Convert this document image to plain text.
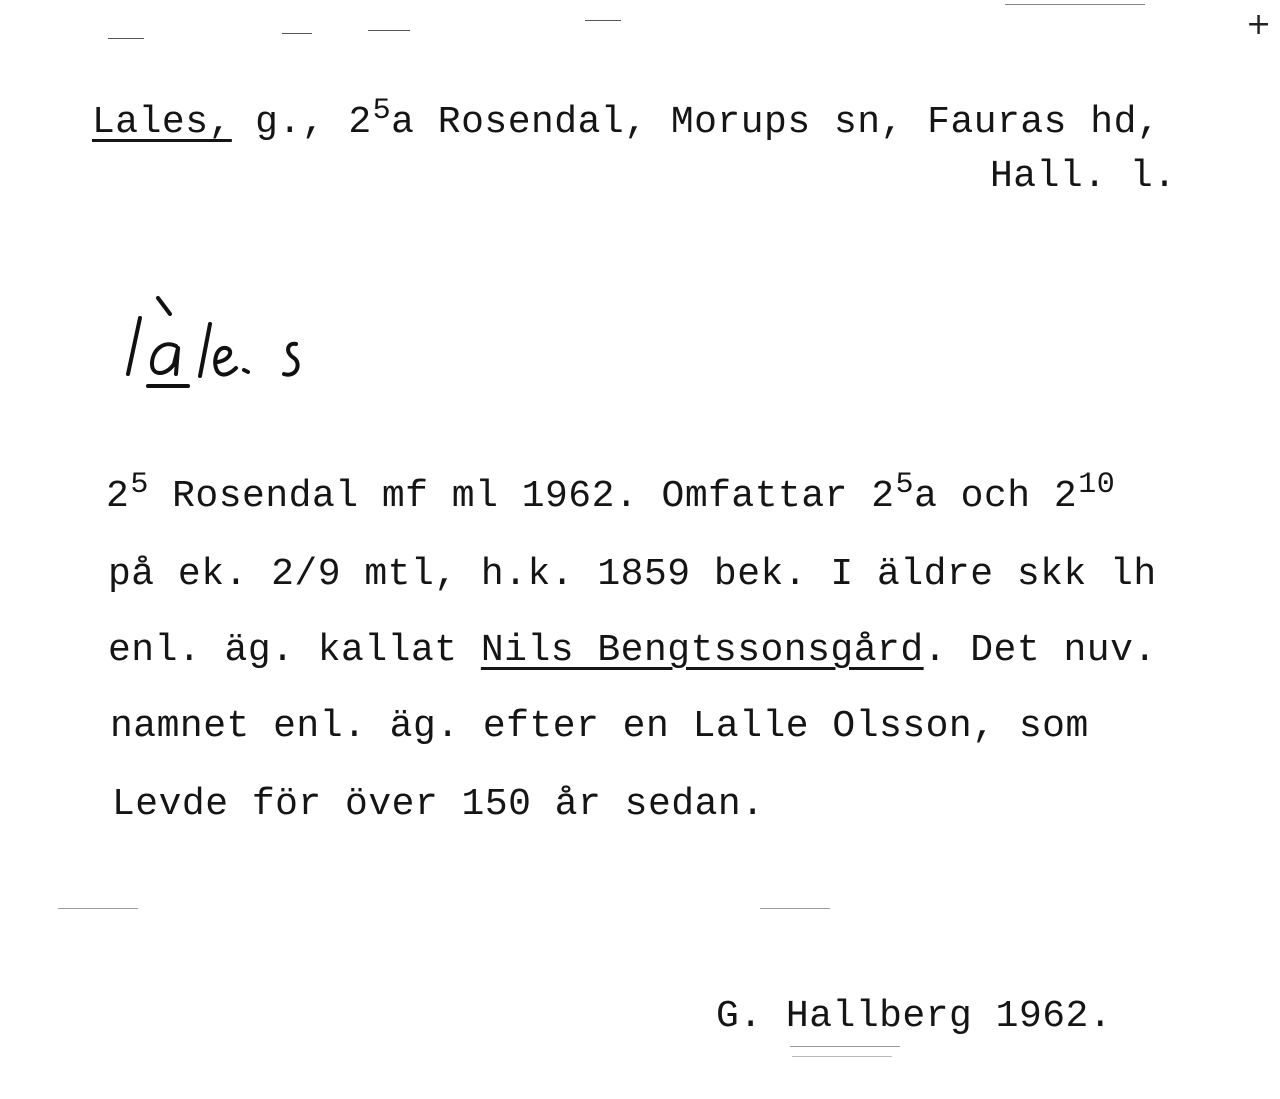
+
Lales, g., $2^5a$ Rosendal, Morups sn, Fauras hd,
Hall. l.
$2^5$ Rosendal mf ml 1962. Omfattar $2^5a$ och $2^{10}$
på ek. 2/9 mtl, h.k. 1859 bek. I äldre skk lh
enl. äg. kallat Nils Bengtssonsgård. Det nuv.
namnet enl. äg. efter en Lalle Olsson, som
Levde för över 150 år sedan.
G. Hallberg 1962.
